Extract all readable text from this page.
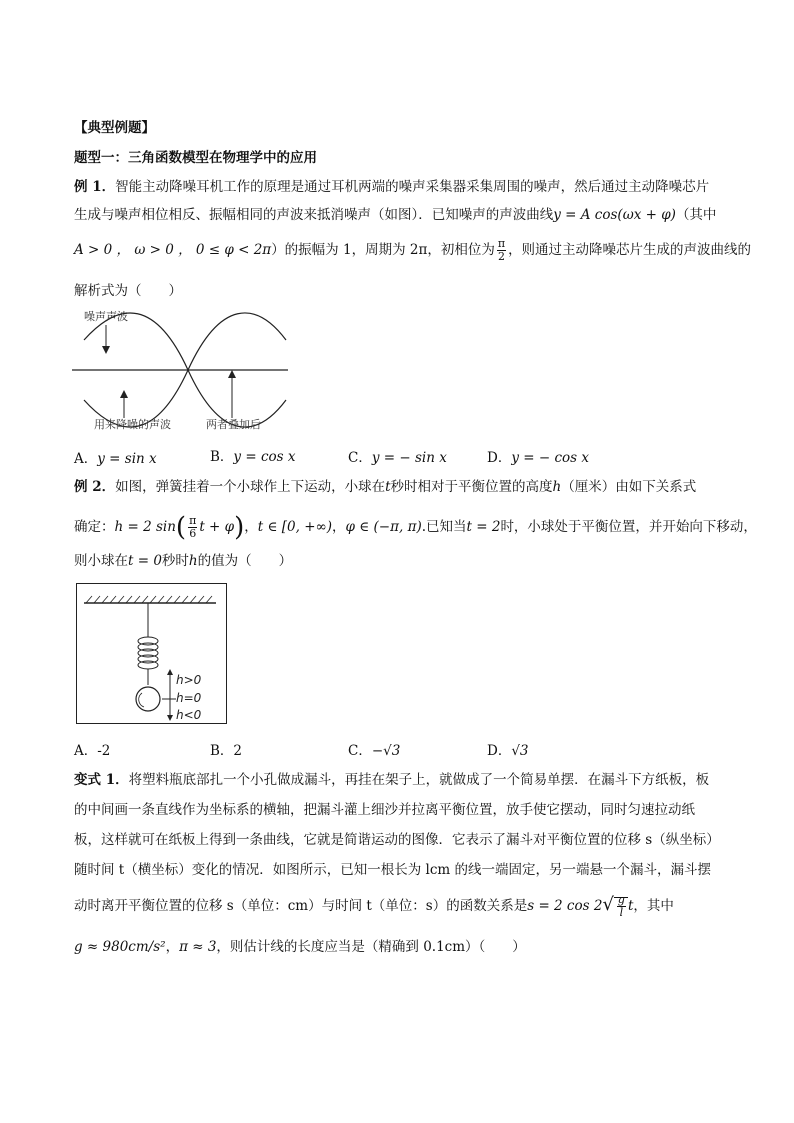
【典型例题】
题型一：三角函数模型在物理学中的应用
例 1．智能主动降噪耳机工作的原理是通过耳机两端的噪声采集器采集周围的噪声，然后通过主动降噪芯片
生成与噪声相位相反、振幅相同的声波来抵消噪声（如图）．已知噪声的声波曲线y = A cos(ωx + φ)（其中
A > 0 ， ω > 0 ， 0 ≤ φ < 2π）的振幅为 1，周期为 2π，初相位为 $\frac{\pi}{2}$ ，则通过主动降噪芯片生成的声波曲线的
解析式为（　　）
噪声声波
用来降噪的声波	两者叠加后
A．y = sin x	B．y = cos x	C．y = − sin x	D．y = − cos x
例 2．如图，弹簧挂着一个小球作上下运动，小球在t秒时相对于平衡位置的高度h（厘米）由如下关系式
确定：h = 2 $\sin( \frac{\pi}{6}$ t + φ)，t ∈ [0, +∞)，φ ∈ (−π, π).已知当t = 2时，小球处于平衡位置，并开始向下移动，
则小球在t = 0秒时h的值为（　　）
h>0
h=0
h<0
A．-2	B．2	C．−√3	D．√3
变式 1．将塑料瓶底部扎一个小孔做成漏斗，再挂在架子上，就做成了一个简易单摆．在漏斗下方纸板，板
的中间画一条直线作为坐标系的横轴，把漏斗灌上细沙并拉离平衡位置，放手使它摆动，同时匀速拉动纸
板，这样就可在纸板上得到一条曲线，它就是简谐运动的图像．它表示了漏斗对平衡位置的位移 s（纵坐标）
随时间 t（横坐标）变化的情况．如图所示，已知一根长为 lcm 的线一端固定，另一端悬一个漏斗，漏斗摆
动时离开平衡位置的位移 s（单位：cm）与时间 t（单位：s）的函数关系是s = 2 $\cos 2√ \frac{g}{l}$ t，其中
g ≈ 980cm/s²，π ≈ 3，则估计线的长度应当是（精确到 0.1cm）（　　）
